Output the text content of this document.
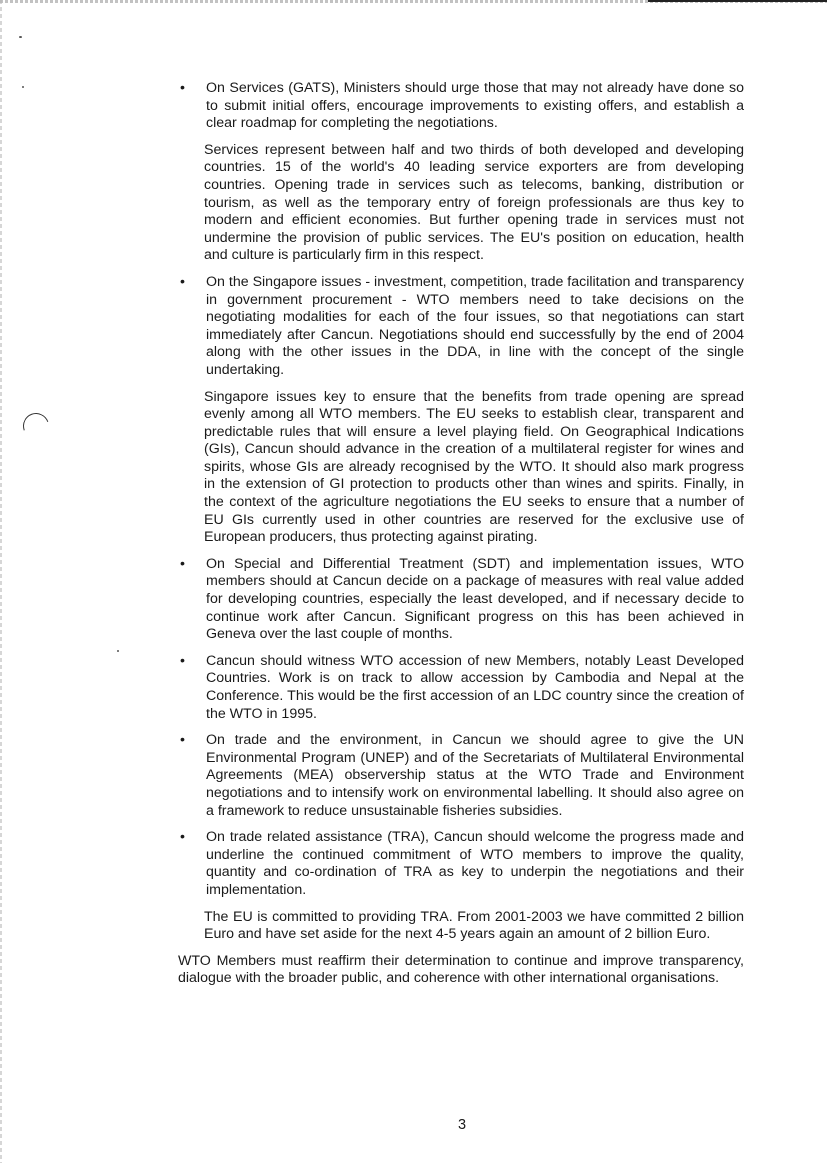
• On Services (GATS), Ministers should urge those that may not already have done so to submit initial offers, encourage improvements to existing offers, and establish a clear roadmap for completing the negotiations.

Services represent between half and two thirds of both developed and developing countries. 15 of the world's 40 leading service exporters are from developing countries. Opening trade in services such as telecoms, banking, distribution or tourism, as well as the temporary entry of foreign professionals are thus key to modern and efficient economies. But further opening trade in services must not undermine the provision of public services. The EU's position on education, health and culture is particularly firm in this respect.

• On the Singapore issues - investment, competition, trade facilitation and transparency in government procurement - WTO members need to take decisions on the negotiating modalities for each of the four issues, so that negotiations can start immediately after Cancun. Negotiations should end successfully by the end of 2004 along with the other issues in the DDA, in line with the concept of the single undertaking.

Singapore issues key to ensure that the benefits from trade opening are spread evenly among all WTO members. The EU seeks to establish clear, transparent and predictable rules that will ensure a level playing field. On Geographical Indications (GIs), Cancun should advance in the creation of a multilateral register for wines and spirits, whose GIs are already recognised by the WTO. It should also mark progress in the extension of GI protection to products other than wines and spirits. Finally, in the context of the agriculture negotiations the EU seeks to ensure that a number of EU GIs currently used in other countries are reserved for the exclusive use of European producers, thus protecting against pirating.

• On Special and Differential Treatment (SDT) and implementation issues, WTO members should at Cancun decide on a package of measures with real value added for developing countries, especially the least developed, and if necessary decide to continue work after Cancun. Significant progress on this has been achieved in Geneva over the last couple of months.

• Cancun should witness WTO accession of new Members, notably Least Developed Countries. Work is on track to allow accession by Cambodia and Nepal at the Conference. This would be the first accession of an LDC country since the creation of the WTO in 1995.

• On trade and the environment, in Cancun we should agree to give the UN Environmental Program (UNEP) and of the Secretariats of Multilateral Environmental Agreements (MEA) observership status at the WTO Trade and Environment negotiations and to intensify work on environmental labelling. It should also agree on a framework to reduce unsustainable fisheries subsidies.

• On trade related assistance (TRA), Cancun should welcome the progress made and underline the continued commitment of WTO members to improve the quality, quantity and co-ordination of TRA as key to underpin the negotiations and their implementation.

The EU is committed to providing TRA. From 2001-2003 we have committed 2 billion Euro and have set aside for the next 4-5 years again an amount of 2 billion Euro.

WTO Members must reaffirm their determination to continue and improve transparency, dialogue with the broader public, and coherence with other international organisations.

3
